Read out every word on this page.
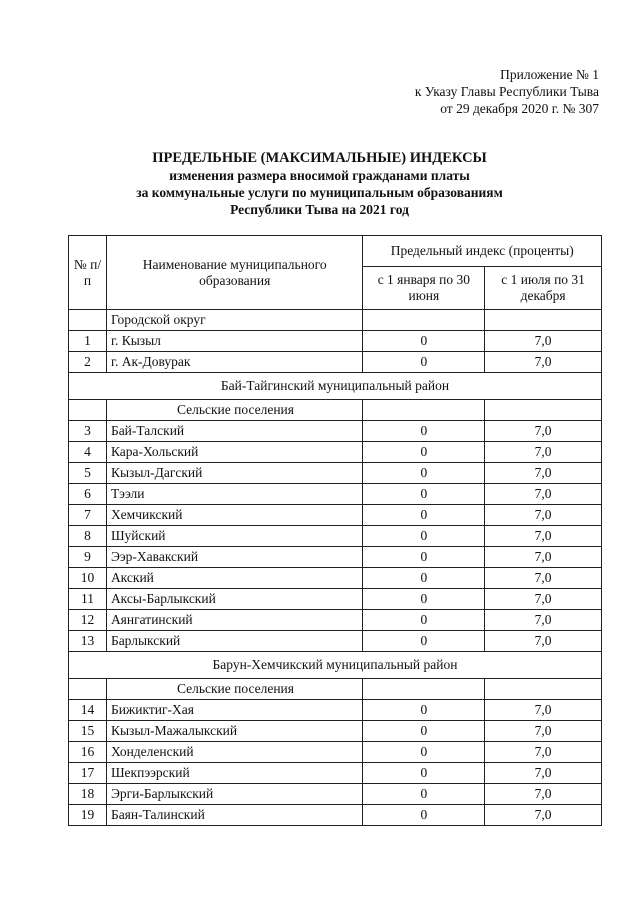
Приложение № 1
к Указу Главы Республики Тыва
от 29 декабря 2020 г. № 307
ПРЕДЕЛЬНЫЕ (МАКСИМАЛЬНЫЕ) ИНДЕКСЫ
изменения размера вносимой гражданами платы
за коммунальные услуги по муниципальным образованиям
Республики Тыва на 2021 год
№ п/п	Наименование муниципального образования	Предельный индекс (проценты)	
		с 1 января по 30 июня	с 1 июля по 31 декабря
	Городской округ		
1	г. Кызыл	0	7,0
2	г. Ак-Довурак	0	7,0
Бай-Тайгинский муниципальный район			
	Сельские поселения		
3	Бай-Талский	0	7,0
4	Кара-Хольский	0	7,0
5	Кызыл-Дагский	0	7,0
6	Тээли	0	7,0
7	Хемчикский	0	7,0
8	Шуйский	0	7,0
9	Ээр-Хавакский	0	7,0
10	Акский	0	7,0
11	Аксы-Барлыкский	0	7,0
12	Аянгатинский	0	7,0
13	Барлыкский	0	7,0
Барун-Хемчикский муниципальный район			
	Сельские поселения		
14	Бижиктиг-Хая	0	7,0
15	Кызыл-Мажалыкский	0	7,0
16	Хонделенский	0	7,0
17	Шекпээрский	0	7,0
18	Эрги-Барлыкский	0	7,0
19	Баян-Талинский	0	7,0
